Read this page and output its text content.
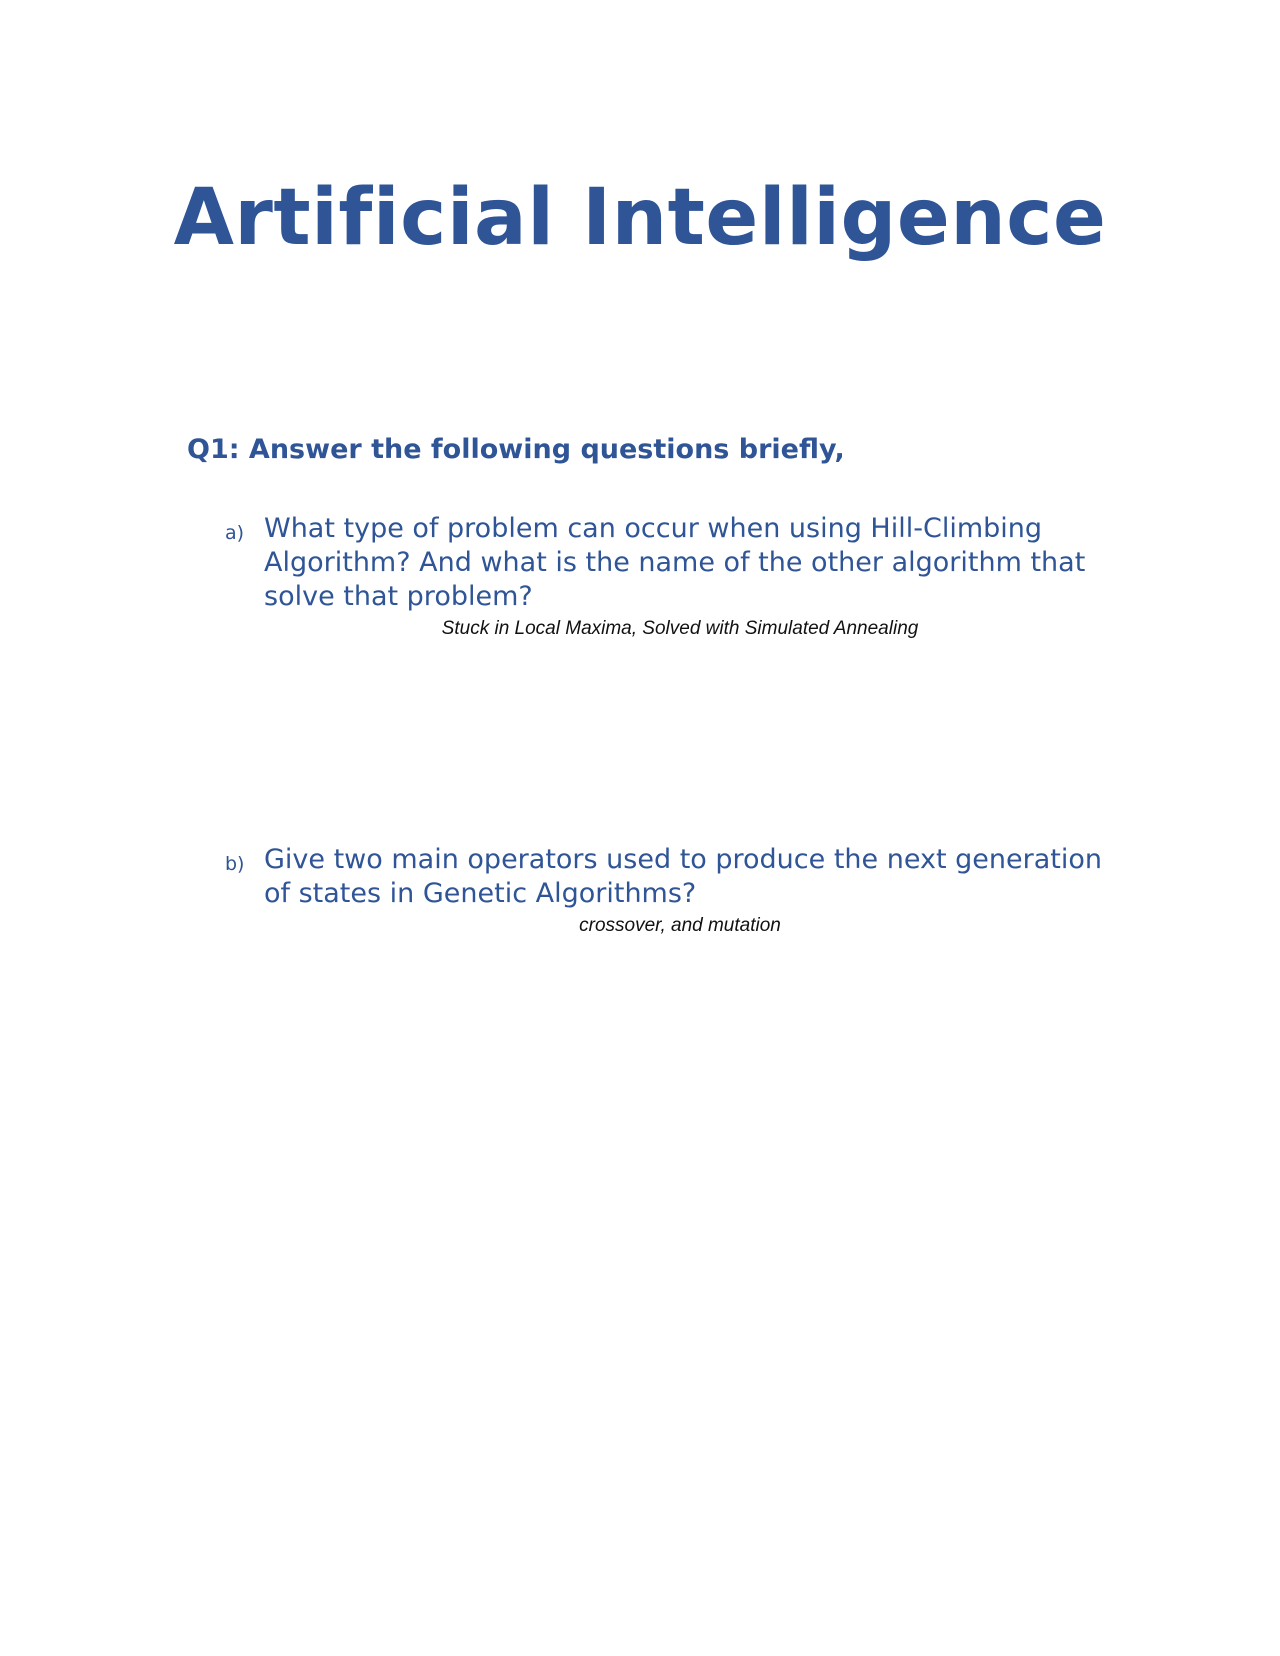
Artificial Intelligence
Q1: Answer the following questions briefly,
a) What type of problem can occur when using Hill-Climbing Algorithm? And what is the name of the other algorithm that solve that problem?

Stuck in Local Maxima, Solved with Simulated Annealing

b) Give two main operators used to produce the next generation of states in Genetic Algorithms?

crossover, and mutation
